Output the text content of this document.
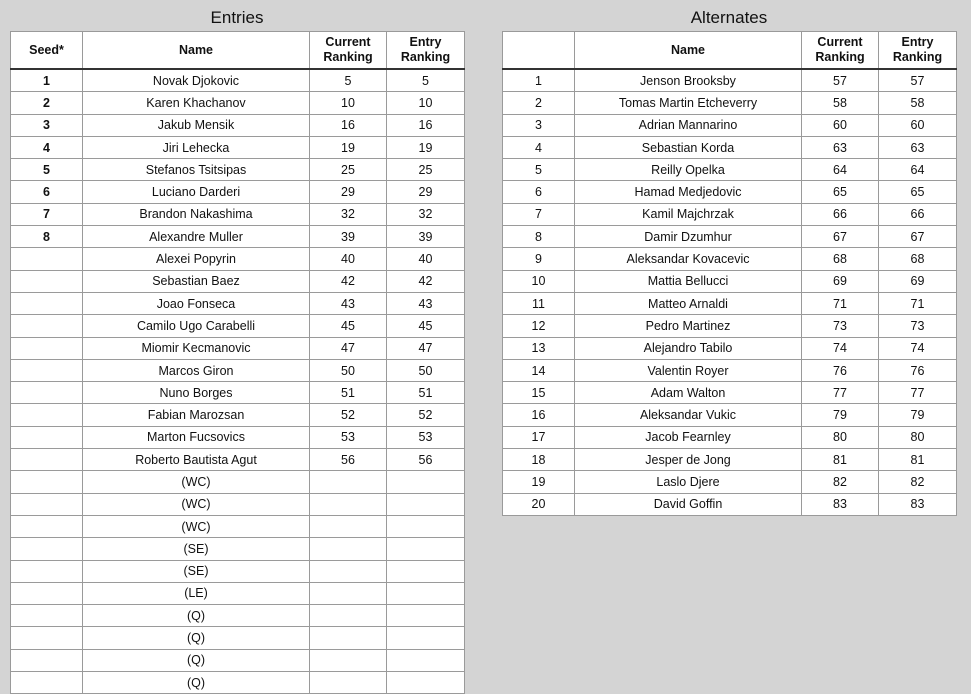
Entries
Seed*	Name	Current Ranking	Entry Ranking
1	Novak Djokovic	5	5
2	Karen Khachanov	10	10
3	Jakub Mensik	16	16
4	Jiri Lehecka	19	19
5	Stefanos Tsitsipas	25	25
6	Luciano Darderi	29	29
7	Brandon Nakashima	32	32
8	Alexandre Muller	39	39
	Alexei Popyrin	40	40
	Sebastian Baez	42	42
	Joao Fonseca	43	43
	Camilo Ugo Carabelli	45	45
	Miomir Kecmanovic	47	47
	Marcos Giron	50	50
	Nuno Borges	51	51
	Fabian Marozsan	52	52
	Marton Fucsovics	53	53
	Roberto Bautista Agut	56	56
	(WC)		
	(WC)		
	(WC)		
	(SE)		
	(SE)		
	(LE)		
	(Q)		
	(Q)		
	(Q)		
	(Q)		
Alternates
	Name	Current Ranking	Entry Ranking
1	Jenson Brooksby	57	57
2	Tomas Martin Etcheverry	58	58
3	Adrian Mannarino	60	60
4	Sebastian Korda	63	63
5	Reilly Opelka	64	64
6	Hamad Medjedovic	65	65
7	Kamil Majchrzak	66	66
8	Damir Dzumhur	67	67
9	Aleksandar Kovacevic	68	68
10	Mattia Bellucci	69	69
11	Matteo Arnaldi	71	71
12	Pedro Martinez	73	73
13	Alejandro Tabilo	74	74
14	Valentin Royer	76	76
15	Adam Walton	77	77
16	Aleksandar Vukic	79	79
17	Jacob Fearnley	80	80
18	Jesper de Jong	81	81
19	Laslo Djere	82	82
20	David Goffin	83	83
